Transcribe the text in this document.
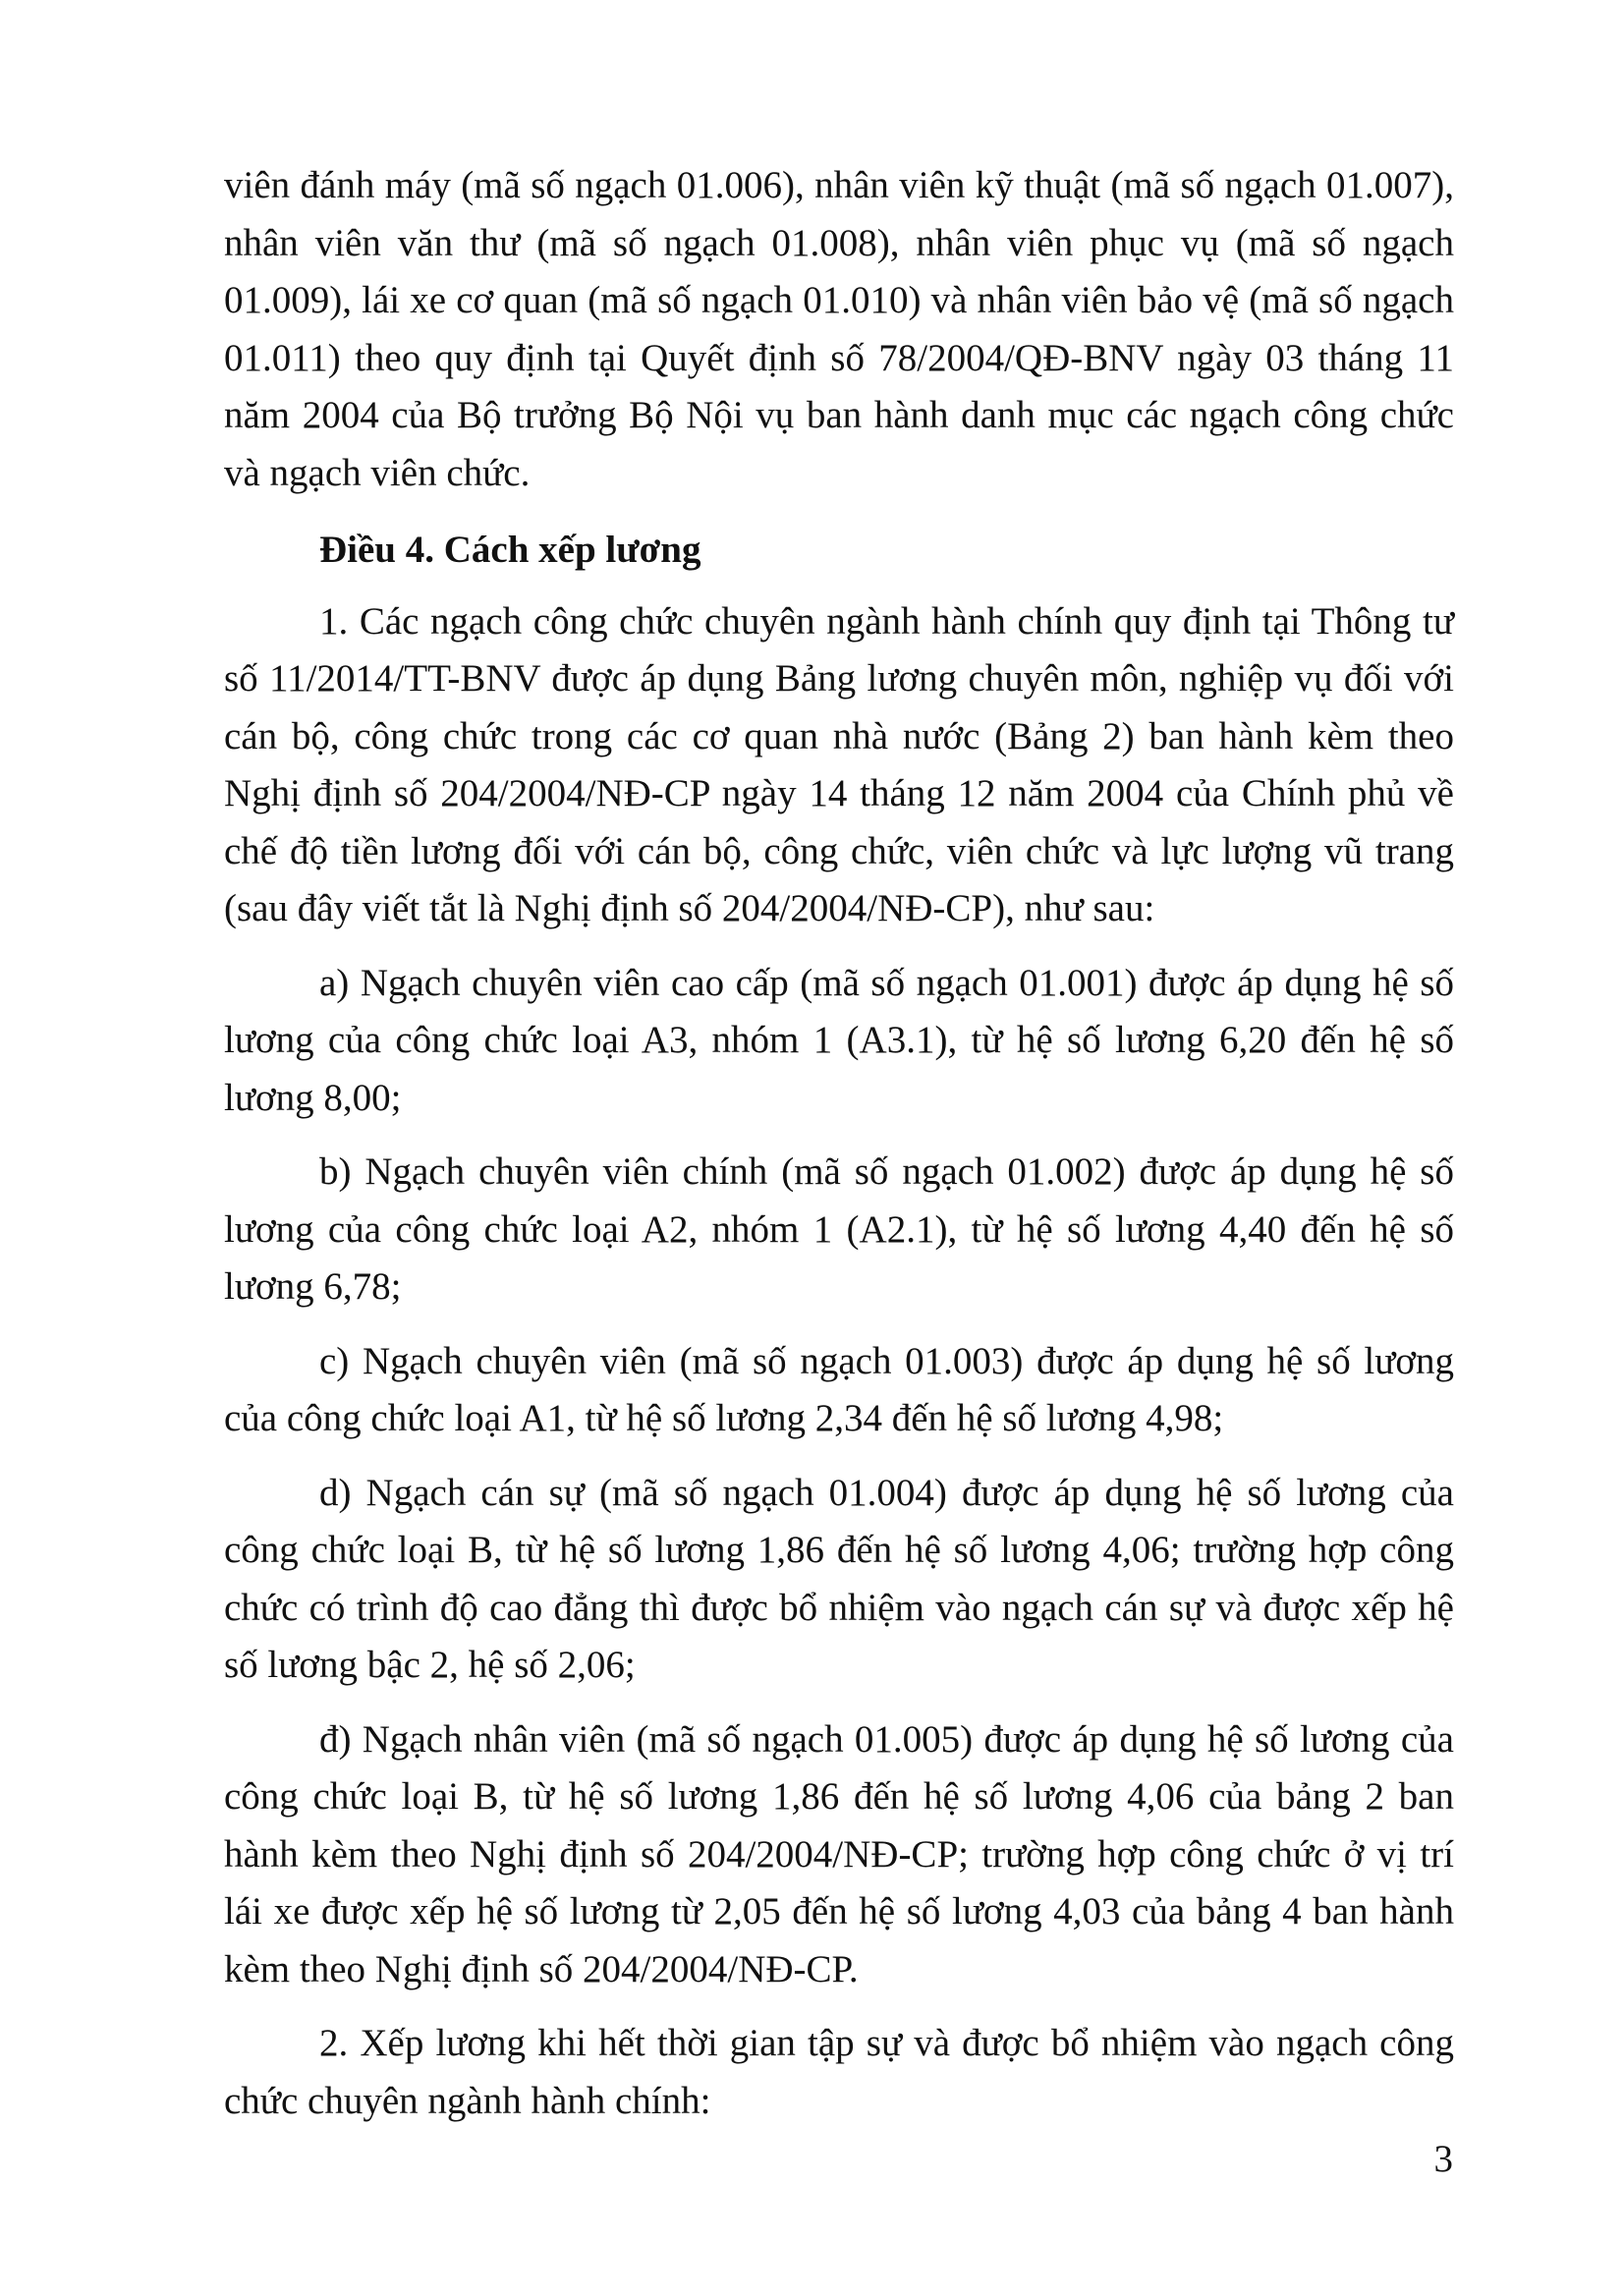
viên đánh máy (mã số ngạch 01.006), nhân viên kỹ thuật (mã số ngạch 01.007), nhân viên văn thư (mã số ngạch 01.008), nhân viên phục vụ (mã số ngạch 01.009), lái xe cơ quan (mã số ngạch 01.010) và nhân viên bảo vệ (mã số ngạch 01.011) theo quy định tại Quyết định số 78/2004/QĐ-BNV ngày 03 tháng 11 năm 2004 của Bộ trưởng Bộ Nội vụ ban hành danh mục các ngạch công chức và ngạch viên chức.

Điều 4. Cách xếp lương

1. Các ngạch công chức chuyên ngành hành chính quy định tại Thông tư số 11/2014/TT-BNV được áp dụng Bảng lương chuyên môn, nghiệp vụ đối với cán bộ, công chức trong các cơ quan nhà nước (Bảng 2) ban hành kèm theo Nghị định số 204/2004/NĐ-CP ngày 14 tháng 12 năm 2004 của Chính phủ về chế độ tiền lương đối với cán bộ, công chức, viên chức và lực lượng vũ trang (sau đây viết tắt là Nghị định số 204/2004/NĐ-CP), như sau:

a) Ngạch chuyên viên cao cấp (mã số ngạch 01.001) được áp dụng hệ số lương của công chức loại A3, nhóm 1 (A3.1), từ hệ số lương 6,20 đến hệ số lương 8,00;

b) Ngạch chuyên viên chính (mã số ngạch 01.002) được áp dụng hệ số lương của công chức loại A2, nhóm 1 (A2.1), từ hệ số lương 4,40 đến hệ số lương 6,78;

c) Ngạch chuyên viên (mã số ngạch 01.003) được áp dụng hệ số lương của công chức loại A1, từ hệ số lương 2,34 đến hệ số lương 4,98;

d) Ngạch cán sự (mã số ngạch 01.004) được áp dụng hệ số lương của công chức loại B, từ hệ số lương 1,86 đến hệ số lương 4,06; trường hợp công chức có trình độ cao đẳng thì được bổ nhiệm vào ngạch cán sự và được xếp hệ số lương bậc 2, hệ số 2,06;

đ) Ngạch nhân viên (mã số ngạch 01.005) được áp dụng hệ số lương của công chức loại B, từ hệ số lương 1,86 đến hệ số lương 4,06 của bảng 2 ban hành kèm theo Nghị định số 204/2004/NĐ-CP; trường hợp công chức ở vị trí lái xe được xếp hệ số lương từ 2,05 đến hệ số lương 4,03 của bảng 4 ban hành kèm theo Nghị định số 204/2004/NĐ-CP.

2. Xếp lương khi hết thời gian tập sự và được bổ nhiệm vào ngạch công chức chuyên ngành hành chính:

3
